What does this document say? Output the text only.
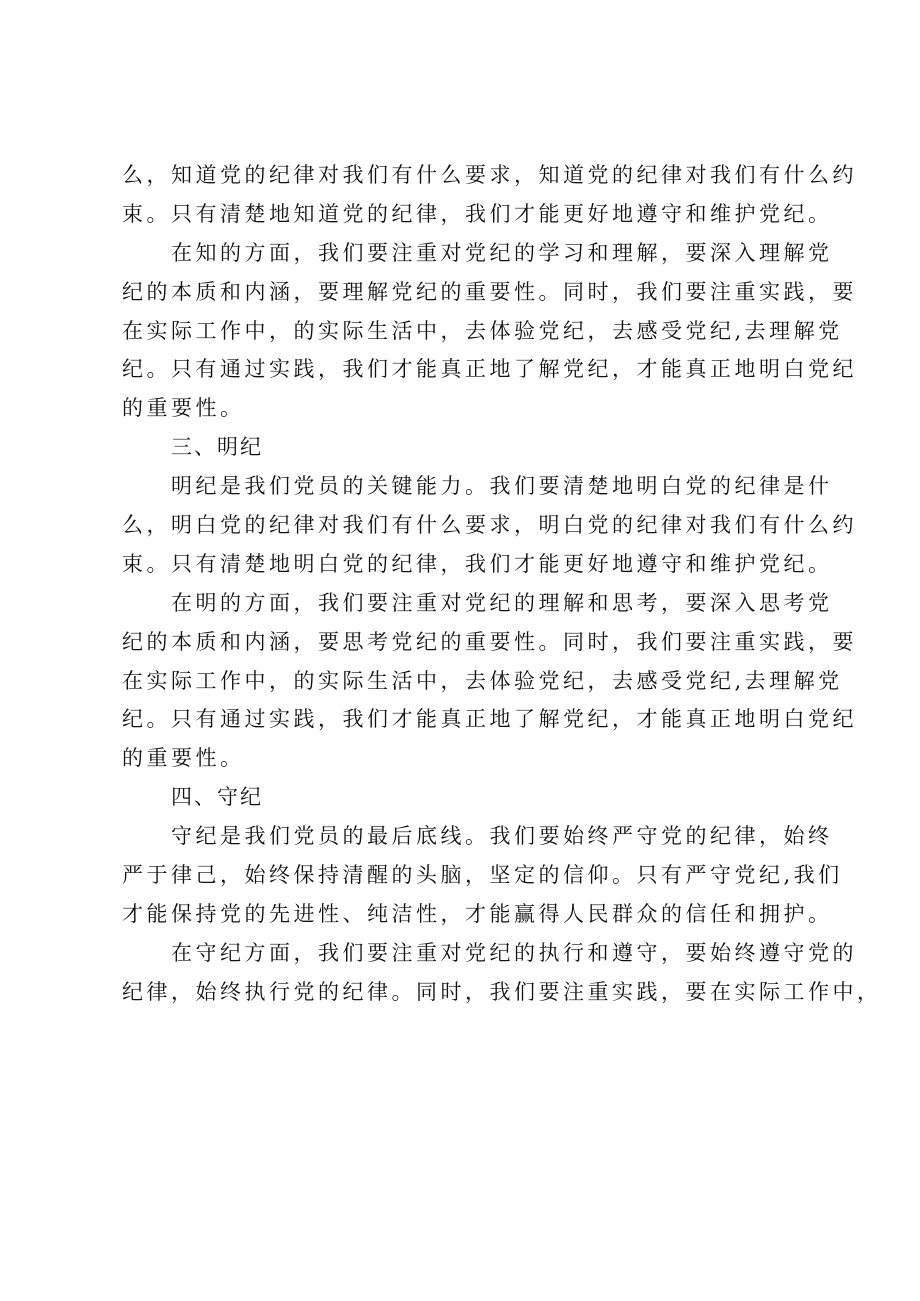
么，知道党的纪律对我们有什么要求，知道党的纪律对我们有什么约
束。只有清楚地知道党的纪律，我们才能更好地遵守和维护党纪。
在知的方面，我们要注重对党纪的学习和理解，要深入理解党
纪的本质和内涵，要理解党纪的重要性。同时，我们要注重实践，要
在实际工作中，的实际生活中，去体验党纪，去感受党纪,去理解党
纪。只有通过实践，我们才能真正地了解党纪，才能真正地明白党纪
的重要性。
三、明纪
明纪是我们党员的关键能力。我们要清楚地明白党的纪律是什
么，明白党的纪律对我们有什么要求，明白党的纪律对我们有什么约
束。只有清楚地明白党的纪律，我们才能更好地遵守和维护党纪。
在明的方面，我们要注重对党纪的理解和思考，要深入思考党
纪的本质和内涵，要思考党纪的重要性。同时，我们要注重实践，要
在实际工作中，的实际生活中，去体验党纪，去感受党纪,去理解党
纪。只有通过实践，我们才能真正地了解党纪，才能真正地明白党纪
的重要性。
四、守纪
守纪是我们党员的最后底线。我们要始终严守党的纪律，始终
严于律己，始终保持清醒的头脑，坚定的信仰。只有严守党纪,我们
才能保持党的先进性、纯洁性，才能赢得人民群众的信任和拥护。
在守纪方面，我们要注重对党纪的执行和遵守，要始终遵守党的
纪律，始终执行党的纪律。同时，我们要注重实践，要在实际工作中，
